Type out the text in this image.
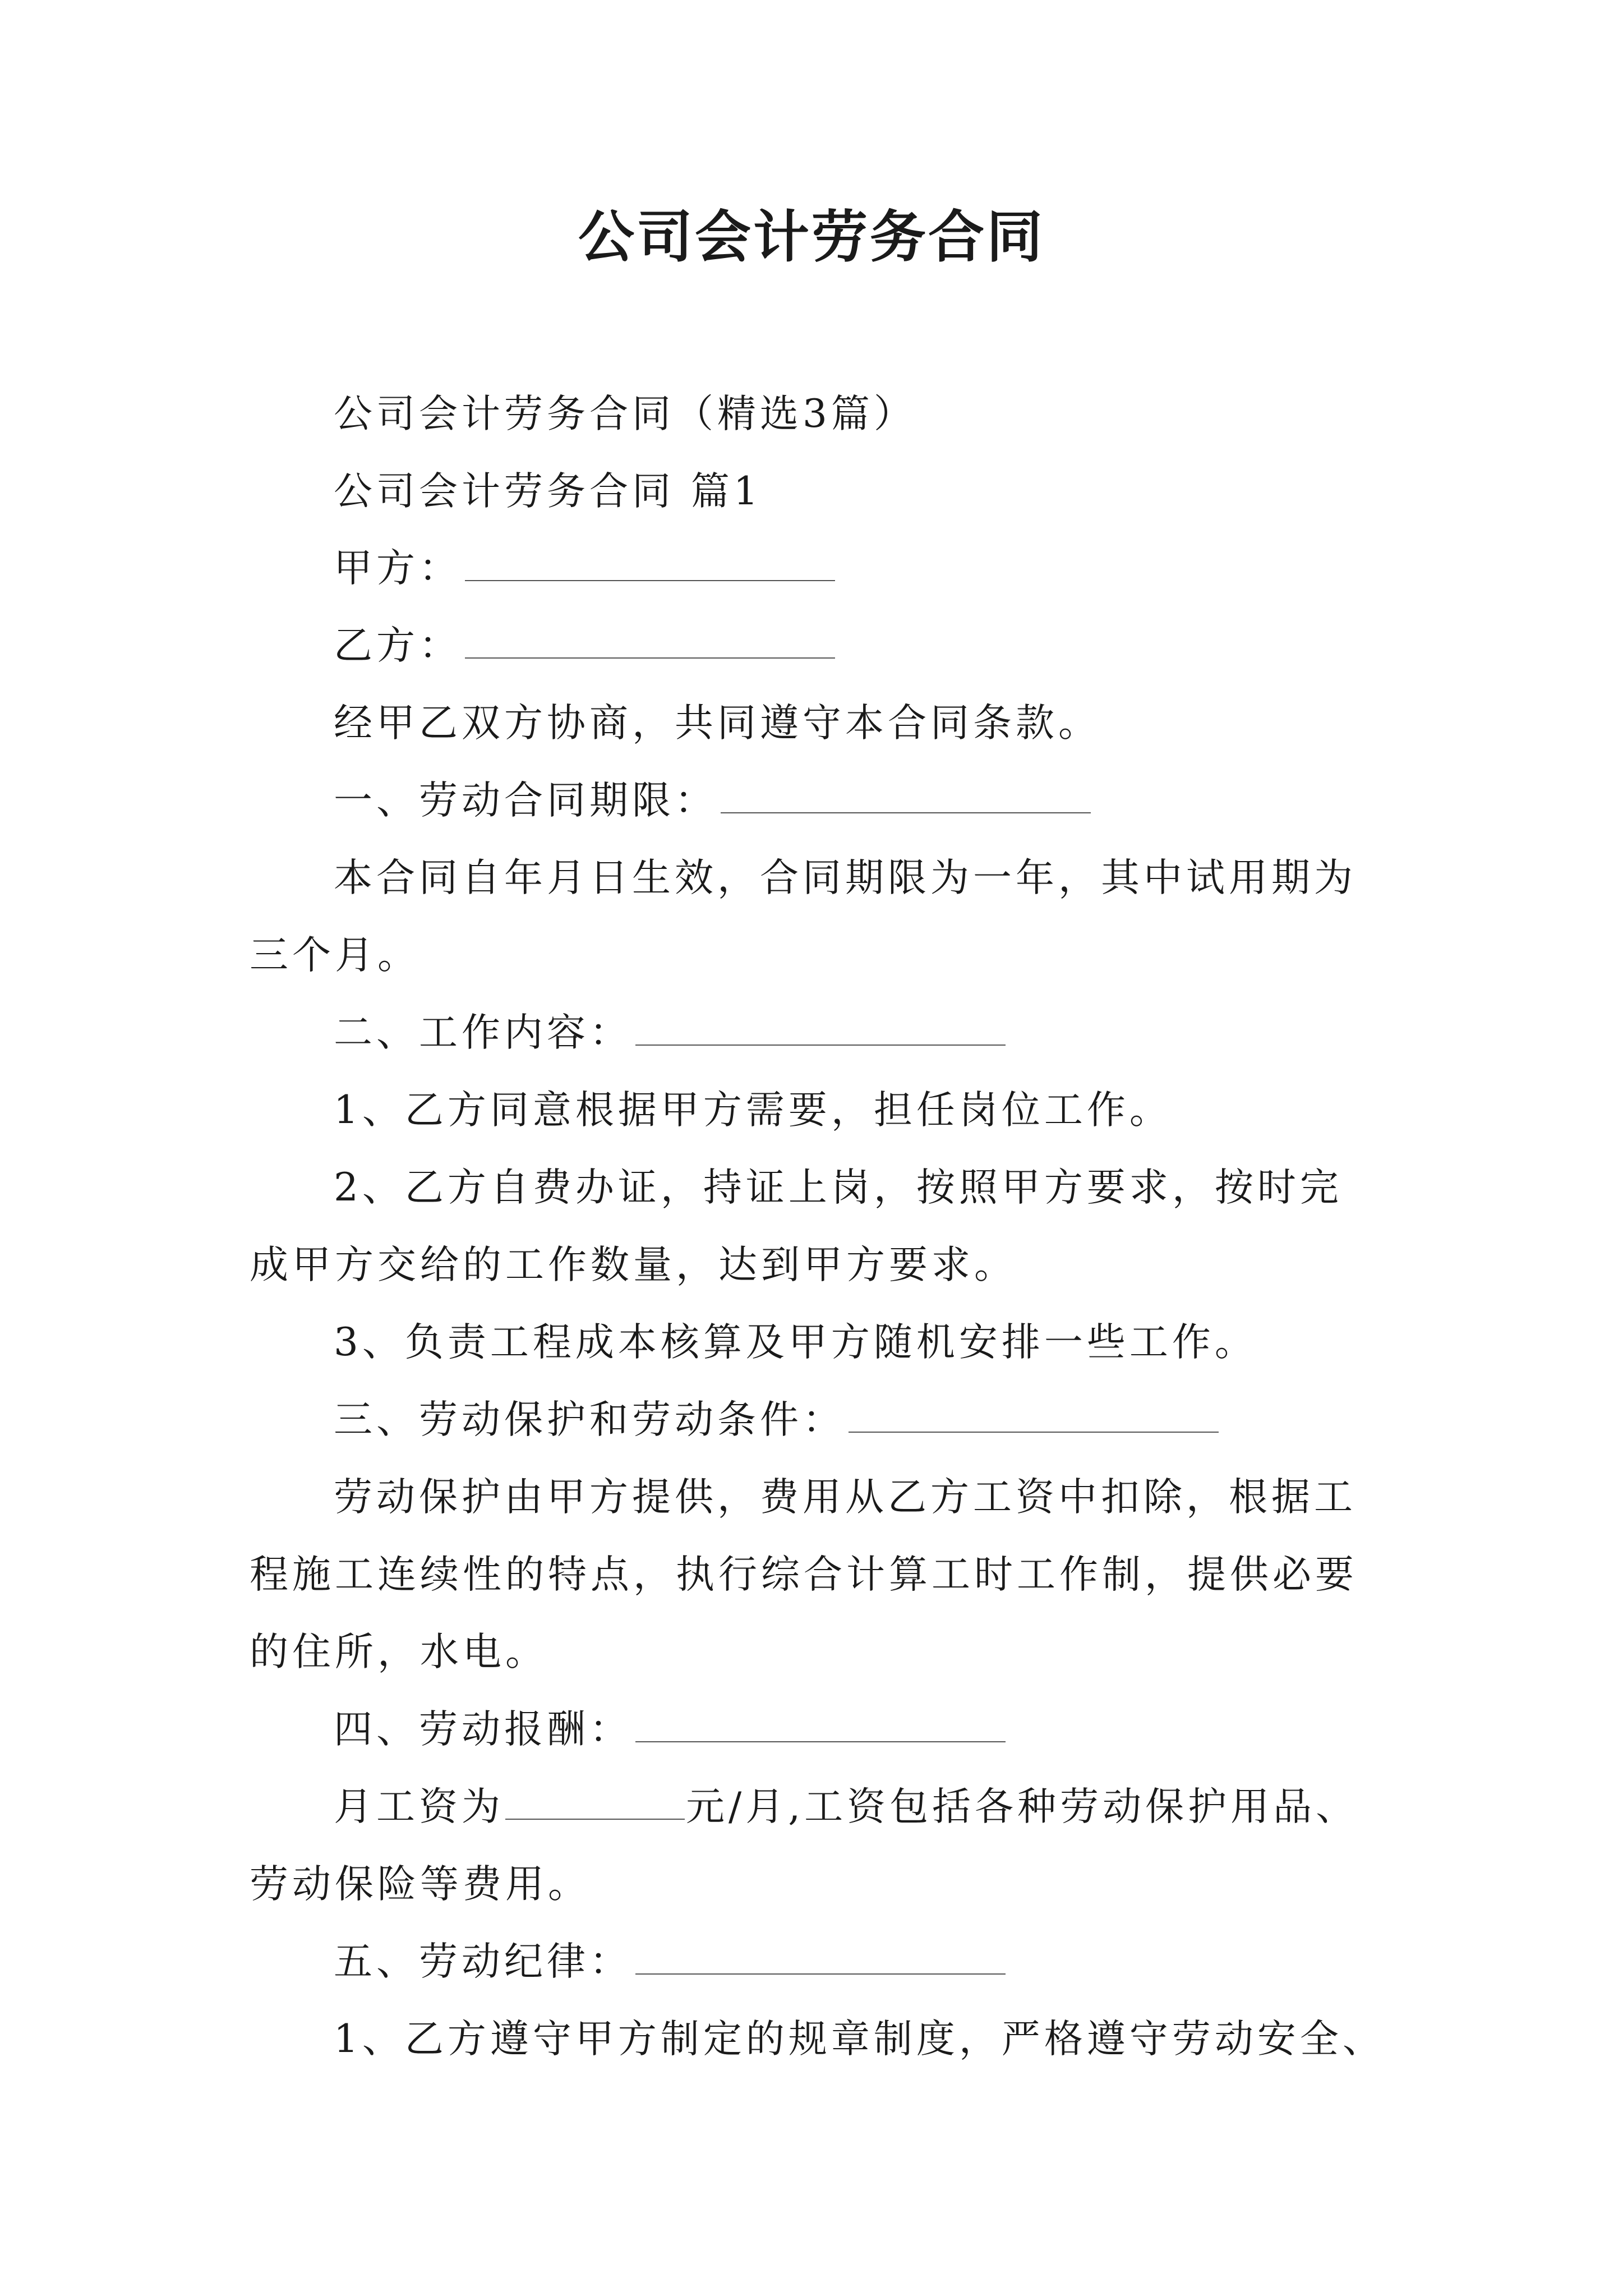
公司会计劳务合同

公司会计劳务合同（精选3篇）

公司会计劳务合同 篇1

甲方：

乙方：

经甲乙双方协商，共同遵守本合同条款。

一、劳动合同期限：

本合同自年月日生效，合同期限为一年，其中试用期为

三个月。

二、工作内容：

1、乙方同意根据甲方需要，担任岗位工作。

2、乙方自费办证，持证上岗，按照甲方要求，按时完

成甲方交给的工作数量，达到甲方要求。

3、负责工程成本核算及甲方随机安排一些工作。

三、劳动保护和劳动条件：

劳动保护由甲方提供，费用从乙方工资中扣除，根据工

程施工连续性的特点，执行综合计算工时工作制，提供必要

的住所，水电。

四、劳动报酬：

月工资为	元/月,工资包括各种劳动保护用品、

劳动保险等费用。

五、劳动纪律：

1、乙方遵守甲方制定的规章制度，严格遵守劳动安全、
